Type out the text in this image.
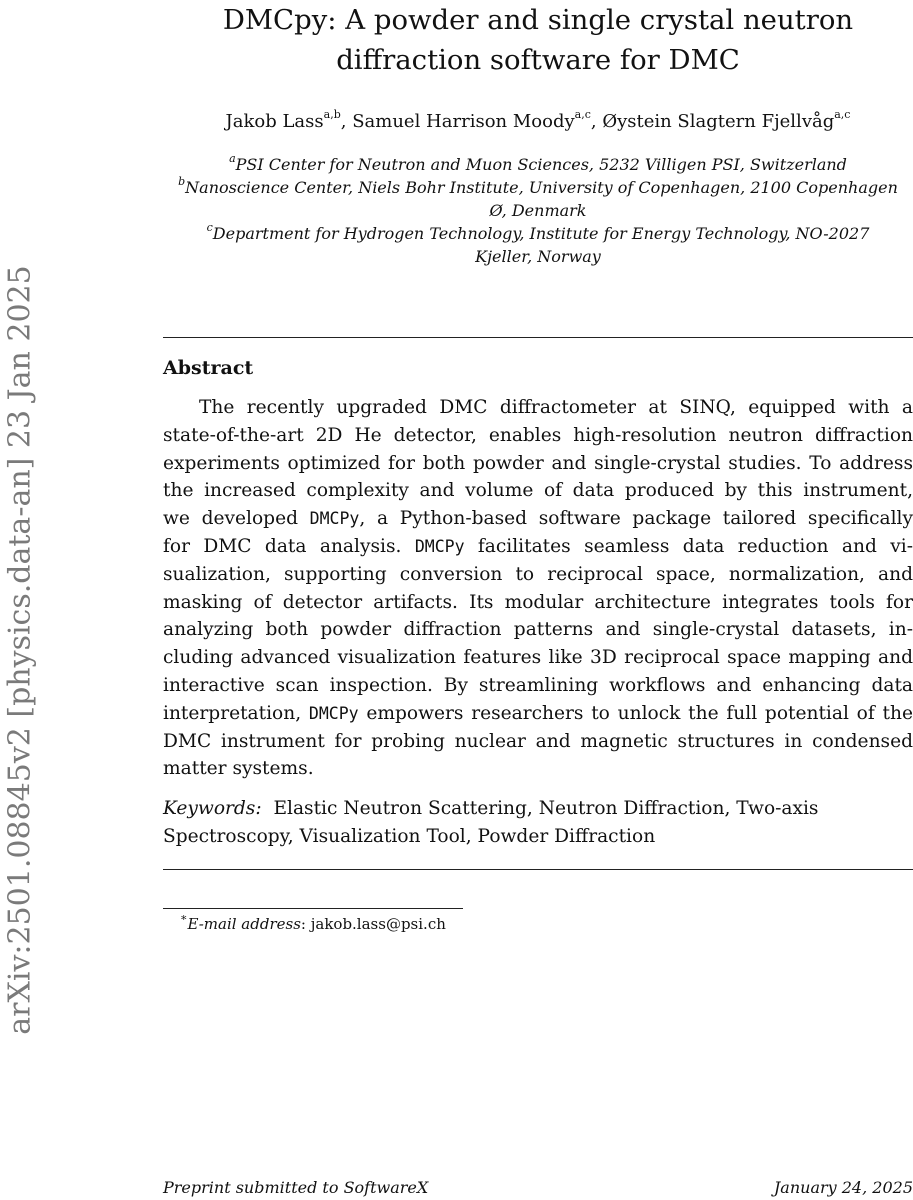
arXiv:2501.08845v2 [physics.data-an] 23 Jan 2025
DMCpy: A powder and single crystal neutron
diffraction software for DMC
Jakob Lass$^{a,b}$, Samuel Harrison Moody$^{a,c}$, Øystein Slagtern Fjellvåg$^{a,c}$
$^a$PSI Center for Neutron and Muon Sciences, 5232 Villigen PSI, Switzerland
$^b$Nanoscience Center, Niels Bohr Institute, University of Copenhagen, 2100 Copenhagen
Ø, Denmark
$^c$Department for Hydrogen Technology, Institute for Energy Technology, NO-2027
Kjeller, Norway
Abstract
The recently upgraded DMC diffractometer at SINQ, equipped with a
state-of-the-art 2D He detector, enables high-resolution neutron diffraction
experiments optimized for both powder and single-crystal studies. To address
the increased complexity and volume of data produced by this instrument,
we developed DMCPy, a Python-based software package tailored specifically
for DMC data analysis. DMCPy facilitates seamless data reduction and vi-
sualization, supporting conversion to reciprocal space, normalization, and
masking of detector artifacts. Its modular architecture integrates tools for
analyzing both powder diffraction patterns and single-crystal datasets, in-
cluding advanced visualization features like 3D reciprocal space mapping and
interactive scan inspection. By streamlining workflows and enhancing data
interpretation, DMCPy empowers researchers to unlock the full potential of the
DMC instrument for probing nuclear and magnetic structures in condensed
matter systems.
Keywords: Elastic Neutron Scattering, Neutron Diffraction, Two-axis
Spectroscopy, Visualization Tool, Powder Diffraction
∗E-mail address: jakob.lass@psi.ch
Preprint submitted to SoftwareX	January 24, 2025
